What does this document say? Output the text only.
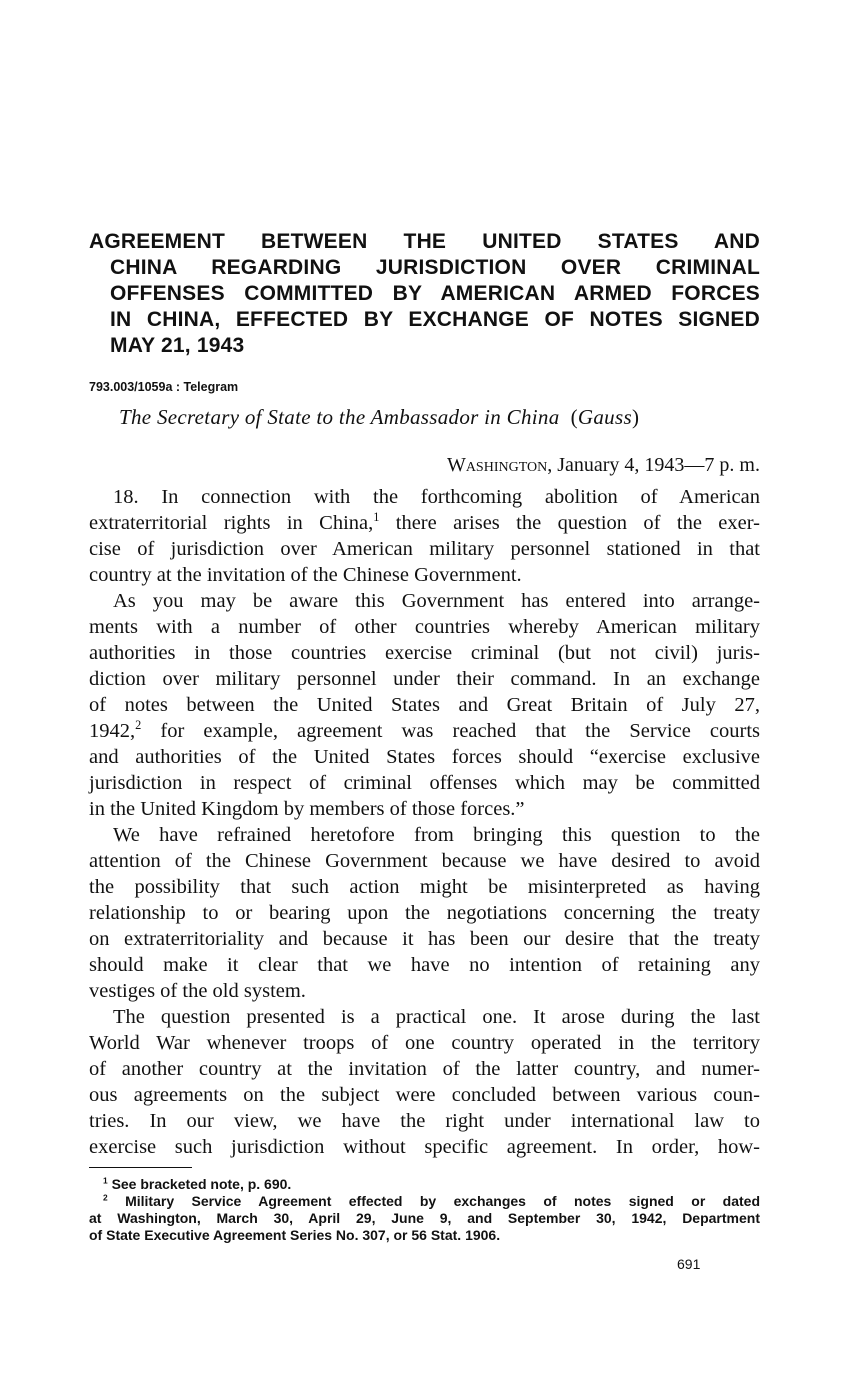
AGREEMENT BETWEEN THE UNITED STATES AND
CHINA REGARDING JURISDICTION OVER CRIMINAL
OFFENSES COMMITTED BY AMERICAN ARMED FORCES
IN CHINA, EFFECTED BY EXCHANGE OF NOTES SIGNED
MAY 21, 1943
793.003/1059a : Telegram
The Secretary of State to the Ambassador in China (Gauss)
Washington, January 4, 1943—7 p. m.

18. In connection with the forthcoming abolition of American
extraterritorial rights in China,$^1$ there arises the question of the exer-
cise of jurisdiction over American military personnel stationed in that
country at the invitation of the Chinese Government.

As you may be aware this Government has entered into arrange-
ments with a number of other countries whereby American military
authorities in those countries exercise criminal (but not civil) juris-
diction over military personnel under their command. In an exchange
of notes between the United States and Great Britain of July 27,
1942,$^2$ for example, agreement was reached that the Service courts
and authorities of the United States forces should “exercise exclusive
jurisdiction in respect of criminal offenses which may be committed
in the United Kingdom by members of those forces.”

We have refrained heretofore from bringing this question to the
attention of the Chinese Government because we have desired to avoid
the possibility that such action might be misinterpreted as having
relationship to or bearing upon the negotiations concerning the treaty
on extraterritoriality and because it has been our desire that the treaty
should make it clear that we have no intention of retaining any
vestiges of the old system.

The question presented is a practical one. It arose during the last
World War whenever troops of one country operated in the territory
of another country at the invitation of the latter country, and numer-
ous agreements on the subject were concluded between various coun-
tries. In our view, we have the right under international law to
exercise such jurisdiction without specific agreement. In order, how-

$^1$ See bracketed note, p. 690.
$^2$ Military Service Agreement effected by exchanges of notes signed or dated
at Washington, March 30, April 29, June 9, and September 30, 1942, Department
of State Executive Agreement Series No. 307, or 56 Stat. 1906.
691
